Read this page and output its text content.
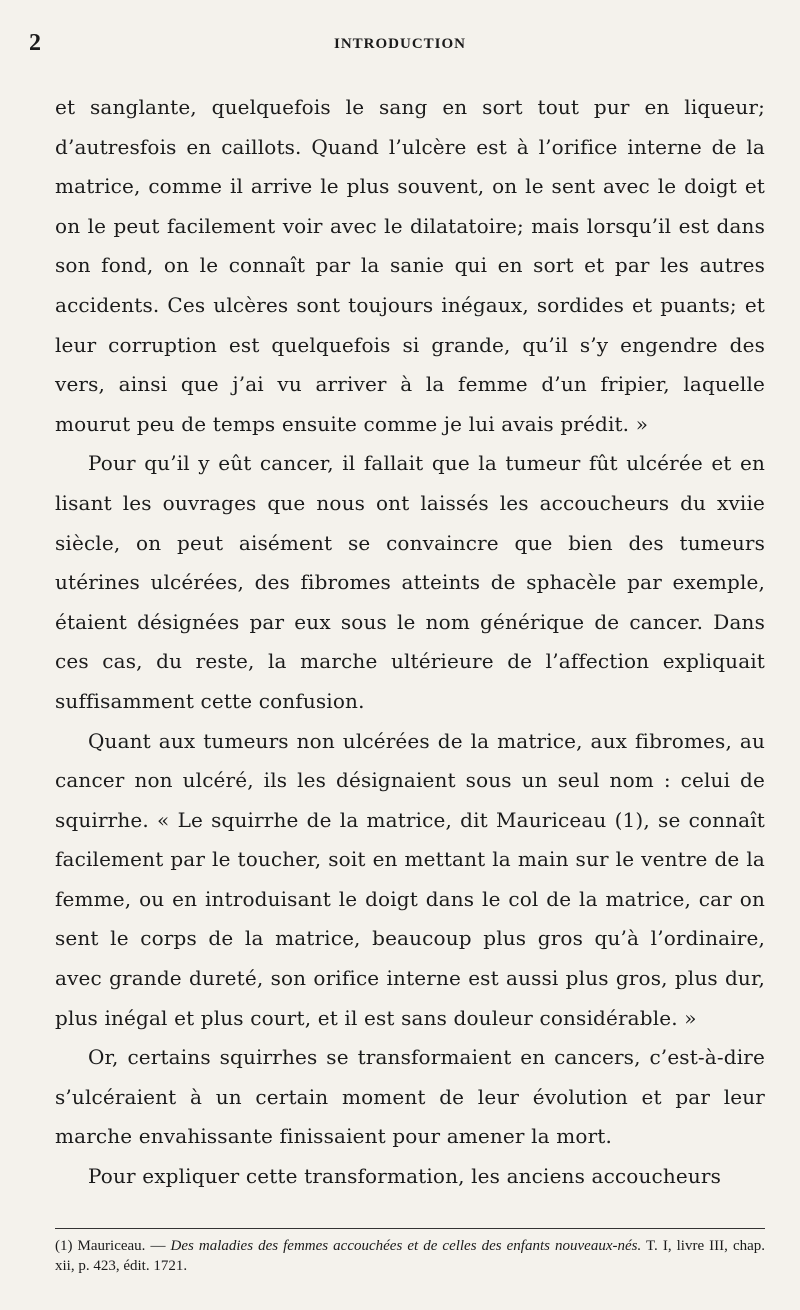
2	INTRODUCTION

et sanglante, quelquefois le sang en sort tout pur en liqueur; d’autresfois en caillots. Quand l’ulcère est à l’orifice interne de la matrice, comme il arrive le plus souvent, on le sent avec le doigt et on le peut facilement voir avec le dilatatoire; mais lorsqu’il est dans son fond, on le connaît par la sanie qui en sort et par les autres accidents. Ces ulcères sont toujours inégaux, sordides et puants; et leur corruption est quelquefois si grande, qu’il s’y engendre des vers, ainsi que j’ai vu arriver à la femme d’un fripier, laquelle mourut peu de temps ensuite comme je lui avais prédit. »

Pour qu’il y eût cancer, il fallait que la tumeur fût ulcérée et en lisant les ouvrages que nous ont laissés les accoucheurs du xviie siècle, on peut aisément se convaincre que bien des tumeurs utérines ulcérées, des fibromes atteints de sphacèle par exemple, étaient désignées par eux sous le nom générique de cancer. Dans ces cas, du reste, la marche ultérieure de l’affection expliquait suffisamment cette confusion.

Quant aux tumeurs non ulcérées de la matrice, aux fibromes, au cancer non ulcéré, ils les désignaient sous un seul nom : celui de squirrhe. « Le squirrhe de la matrice, dit Mauriceau (1), se connaît facilement par le toucher, soit en mettant la main sur le ventre de la femme, ou en introduisant le doigt dans le col de la matrice, car on sent le corps de la matrice, beaucoup plus gros qu’à l’ordinaire, avec grande dureté, son orifice interne est aussi plus gros, plus dur, plus inégal et plus court, et il est sans douleur considérable. »

Or, certains squirrhes se transformaient en cancers, c’est-à-dire s’ulcéraient à un certain moment de leur évolution et par leur marche envahissante finissaient pour amener la mort.

Pour expliquer cette transformation, les anciens accoucheurs

(1) Mauriceau. — Des maladies des femmes accouchées et de celles des enfants nouveaux-nés. T. I, livre III, chap. xii, p. 423, édit. 1721.
